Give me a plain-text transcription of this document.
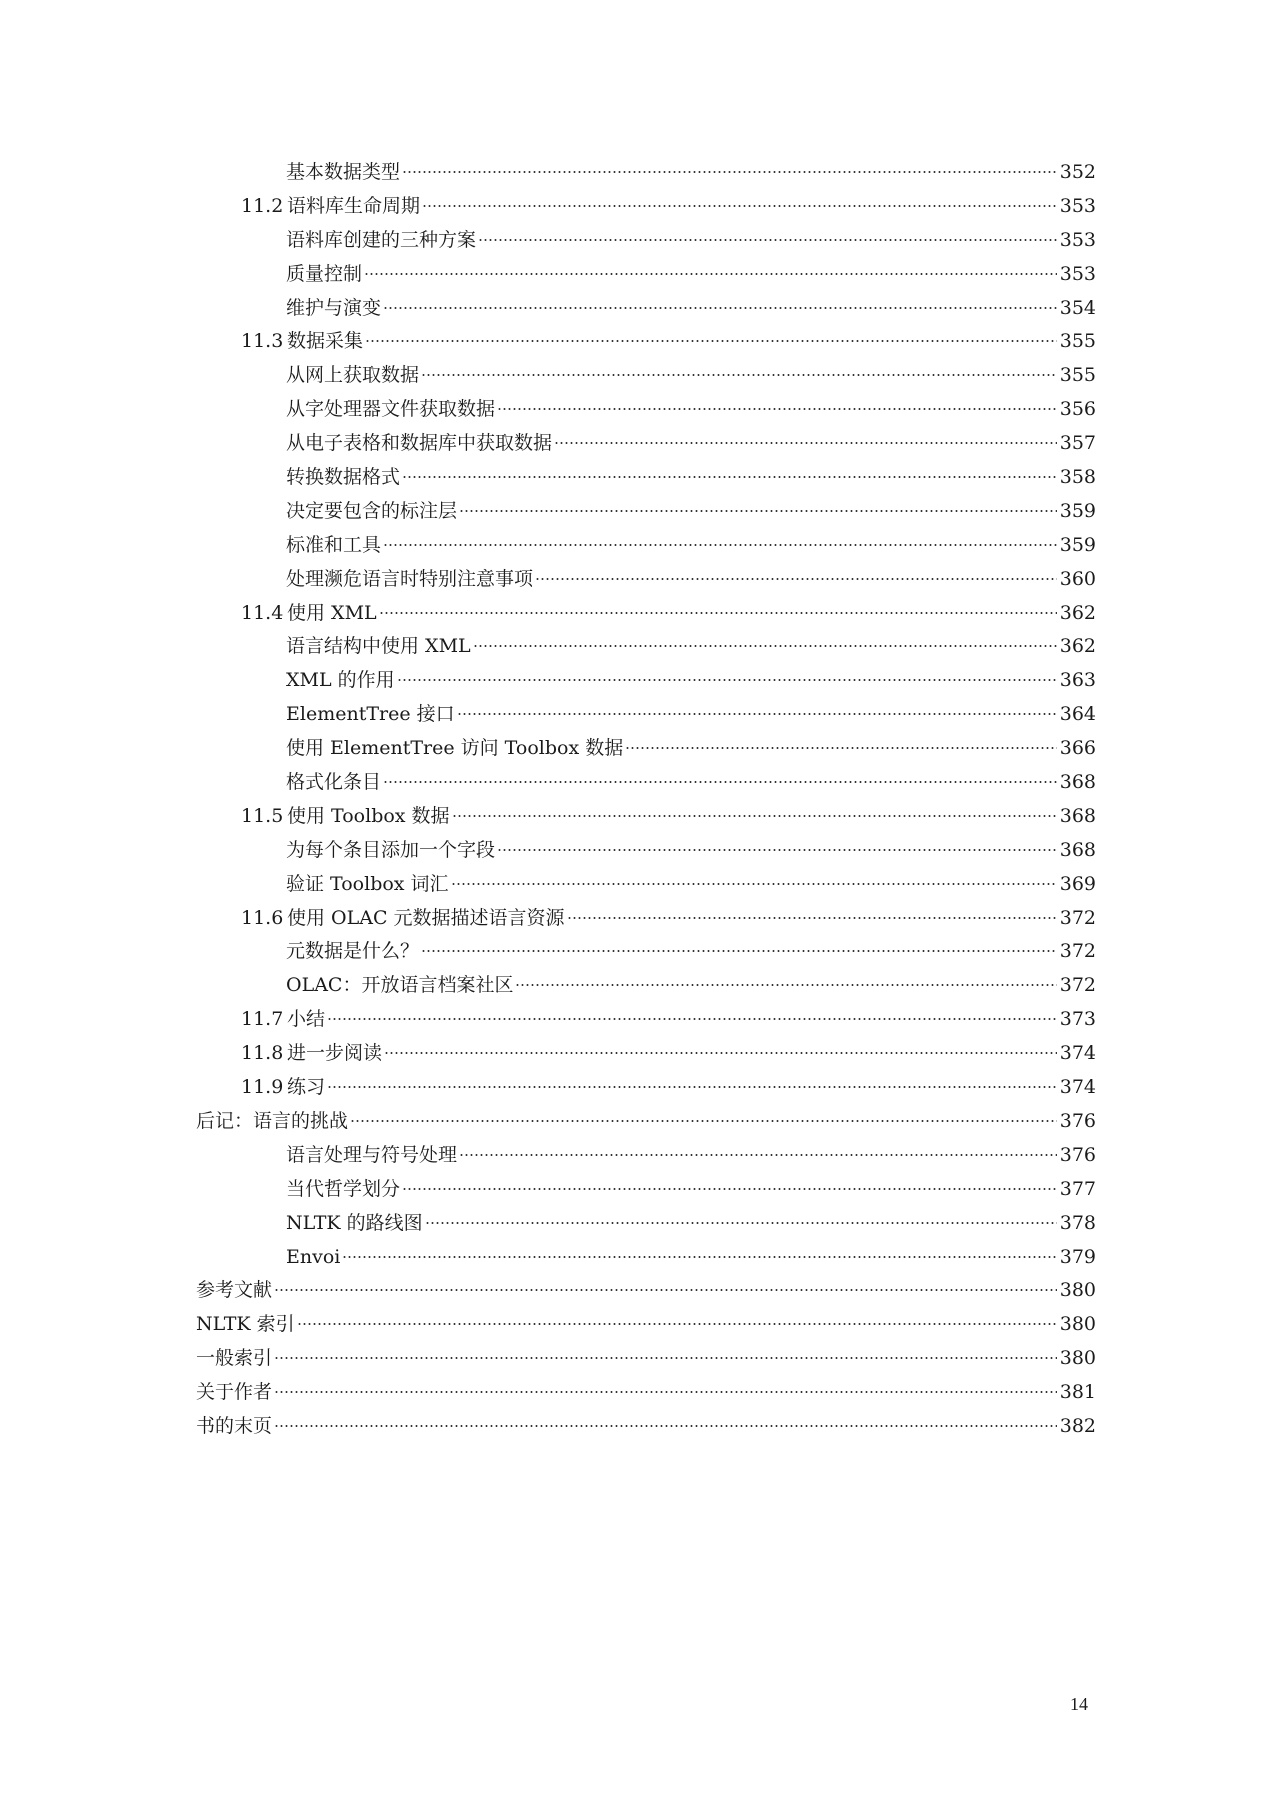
基本数据类型	352
11.2 语料库生命周期	353
语料库创建的三种方案	353
质量控制	353
维护与演变	354
11.3 数据采集	355
从网上获取数据	355
从字处理器文件获取数据	356
从电子表格和数据库中获取数据	357
转换数据格式	358
决定要包含的标注层	359
标准和工具	359
处理濒危语言时特别注意事项	360
11.4 使用 XML	362
语言结构中使用 XML	362
XML 的作用	363
ElementTree 接口	364
使用 ElementTree 访问 Toolbox 数据	366
格式化条目	368
11.5 使用 Toolbox 数据	368
为每个条目添加一个字段	368
验证 Toolbox 词汇	369
11.6 使用 OLAC 元数据描述语言资源	372
元数据是什么？	372
OLAC：开放语言档案社区	372
11.7 小结	373
11.8 进一步阅读	374
11.9 练习	374
后记：语言的挑战	376
语言处理与符号处理	376
当代哲学划分	377
NLTK 的路线图	378
Envoi	379
参考文献	380
NLTK 索引	380
一般索引	380
关于作者	381
书的末页	382
14
